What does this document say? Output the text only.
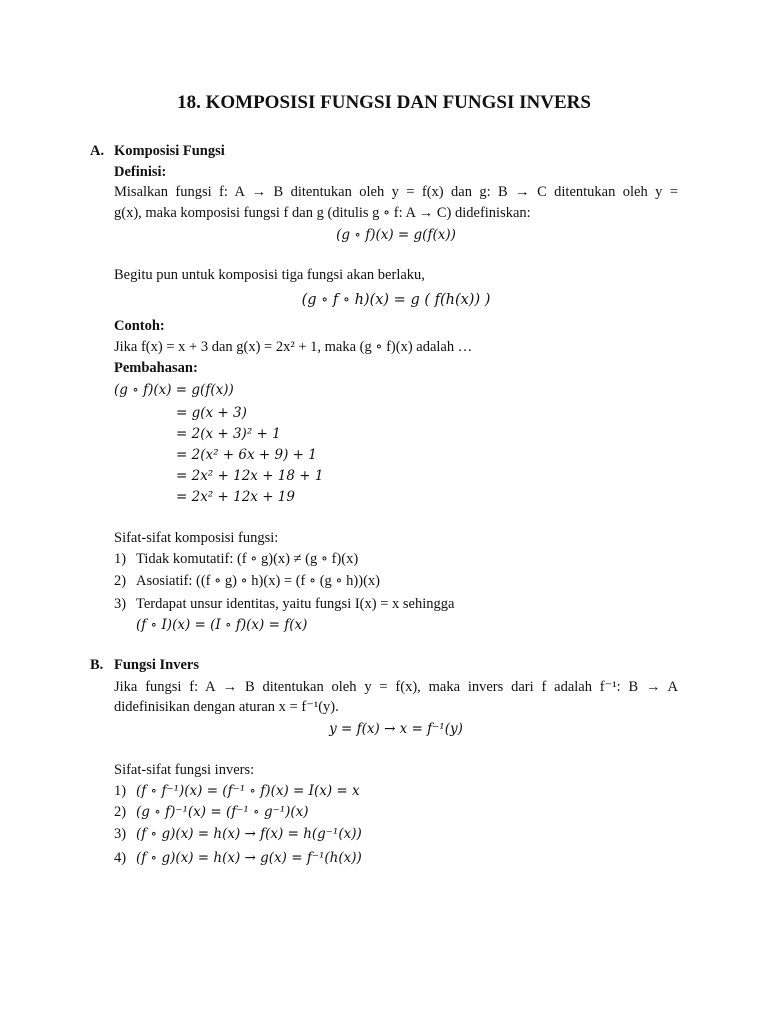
18. KOMPOSISI FUNGSI DAN FUNGSI INVERS
A. Komposisi Fungsi
Definisi:
Misalkan fungsi f: A → B ditentukan oleh y = f(x) dan g: B → C ditentukan oleh y =
g(x), maka komposisi fungsi f dan g (ditulis g ∘ f: A → C) didefiniskan:
(g ∘ f)(x) = g(f(x))
Begitu pun untuk komposisi tiga fungsi akan berlaku,
(g ∘ f ∘ h)(x) = g ( f(h(x)) )
Contoh:
Jika f(x) = x + 3 dan g(x) = 2x² + 1, maka (g ∘ f)(x) adalah …
Pembahasan:
(g ∘ f)(x) = g(f(x))
= g(x + 3)
= 2(x + 3)² + 1
= 2(x² + 6x + 9) + 1
= 2x² + 12x + 18 + 1
= 2x² + 12x + 19
Sifat-sifat komposisi fungsi:
1) Tidak komutatif: (f ∘ g)(x) ≠ (g ∘ f)(x)
2) Asosiatif: ((f ∘ g) ∘ h)(x) = (f ∘ (g ∘ h))(x)
3) Terdapat unsur identitas, yaitu fungsi I(x) = x sehingga
(f ∘ I)(x) = (I ∘ f)(x) = f(x)
B. Fungsi Invers
Jika fungsi f: A → B ditentukan oleh y = f(x), maka invers dari f adalah f⁻¹: B → A
didefinisikan dengan aturan x = f⁻¹(y).
y = f(x) → x = f⁻¹(y)
Sifat-sifat fungsi invers:
1) (f ∘ f⁻¹)(x) = (f⁻¹ ∘ f)(x) = I(x) = x
2) (g ∘ f)⁻¹(x) = (f⁻¹ ∘ g⁻¹)(x)
3) (f ∘ g)(x) = h(x) → f(x) = h(g⁻¹(x))
4) (f ∘ g)(x) = h(x) → g(x) = f⁻¹(h(x))
